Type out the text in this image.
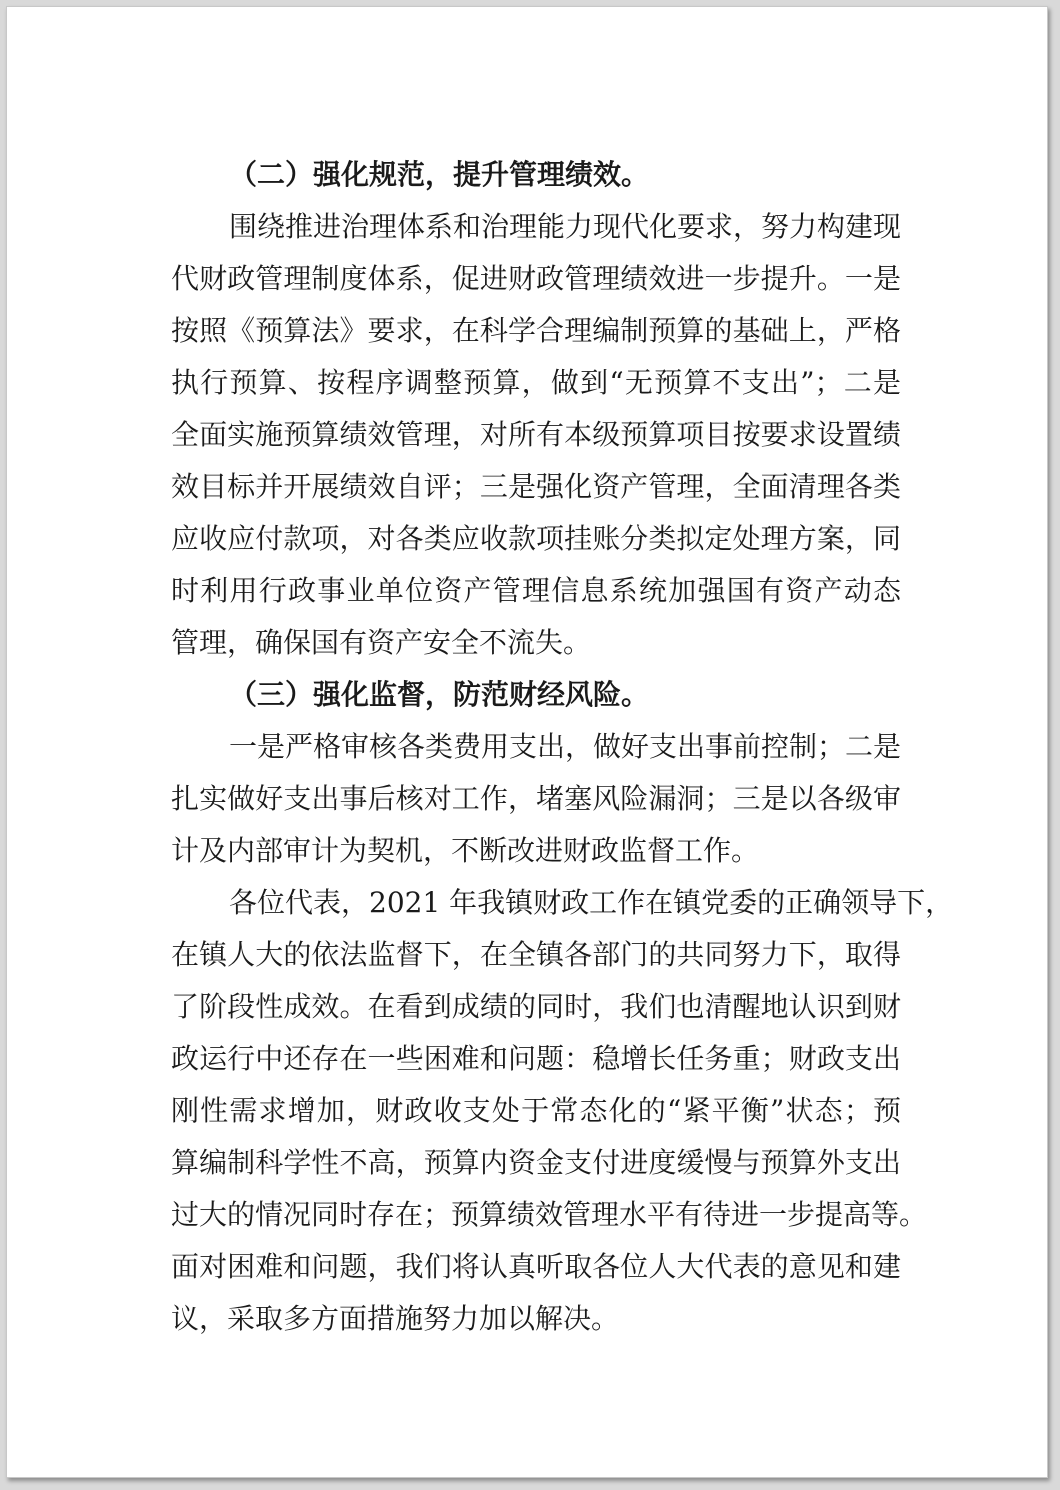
（二）强化规范，提升管理绩效。
围绕推进治理体系和治理能力现代化要求，努力构建现
代财政管理制度体系，促进财政管理绩效进一步提升。一是
按照《预算法》要求，在科学合理编制预算的基础上，严格
执行预算、按程序调整预算，做到“无预算不支出”；二是
全面实施预算绩效管理，对所有本级预算项目按要求设置绩
效目标并开展绩效自评；三是强化资产管理，全面清理各类
应收应付款项，对各类应收款项挂账分类拟定处理方案，同
时利用行政事业单位资产管理信息系统加强国有资产动态
管理，确保国有资产安全不流失。
（三）强化监督，防范财经风险。
一是严格审核各类费用支出，做好支出事前控制；二是
扎实做好支出事后核对工作，堵塞风险漏洞；三是以各级审
计及内部审计为契机，不断改进财政监督工作。
各位代表，2021 年我镇财政工作在镇党委的正确领导下，
在镇人大的依法监督下，在全镇各部门的共同努力下，取得
了阶段性成效。在看到成绩的同时，我们也清醒地认识到财
政运行中还存在一些困难和问题：稳增长任务重；财政支出
刚性需求增加，财政收支处于常态化的“紧平衡”状态；预
算编制科学性不高，预算内资金支付进度缓慢与预算外支出
过大的情况同时存在；预算绩效管理水平有待进一步提高等。
面对困难和问题，我们将认真听取各位人大代表的意见和建
议，采取多方面措施努力加以解决。
